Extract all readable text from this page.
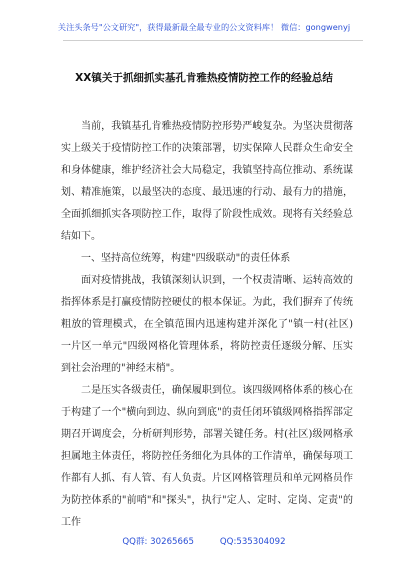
关注头条号"公文研究"，获得最新最全最专业的公文资料库！ 微信：gongwenyj
XX镇关于抓细抓实基孔肯雅热疫情防控工作的经验总结

当前，我镇基孔肯雅热疫情防控形势严峻复杂。为坚决贯彻落实上级关于疫情防控工作的决策部署，切实保障人民群众生命安全和身体健康，维护经济社会大局稳定，我镇坚持高位推动、系统谋划、精准施策，以最坚决的态度、最迅速的行动、最有力的措施，全面抓细抓实各项防控工作，取得了阶段性成效。现将有关经验总结如下。

一、坚持高位统筹，构建"四级联动"的责任体系

面对疫情挑战，我镇深刻认识到，一个权责清晰、运转高效的指挥体系是打赢疫情防控硬仗的根本保证。为此，我们摒弃了传统粗放的管理模式，在全镇范围内迅速构建并深化了"镇一村(社区)一片区一单元"四级网格化管理体系，将防控责任逐级分解、压实到社会治理的"神经末梢"。

二是压实各级责任，确保履职到位。该四级网格体系的核心在于构建了一个"横向到边、纵向到底"的责任闭环镇级网格指挥部定期召开调度会，分析研判形势，部署关键任务。村(社区)级网格承担属地主体责任，将防控任务细化为具体的工作清单，确保每项工作都有人抓、有人管、有人负责。片区网格管理员和单元网格员作为防控体系的"前哨"和"探头"，执行"定人、定时、定岗、定责"的工作

QQ群: 30265665	QQ:535304092
